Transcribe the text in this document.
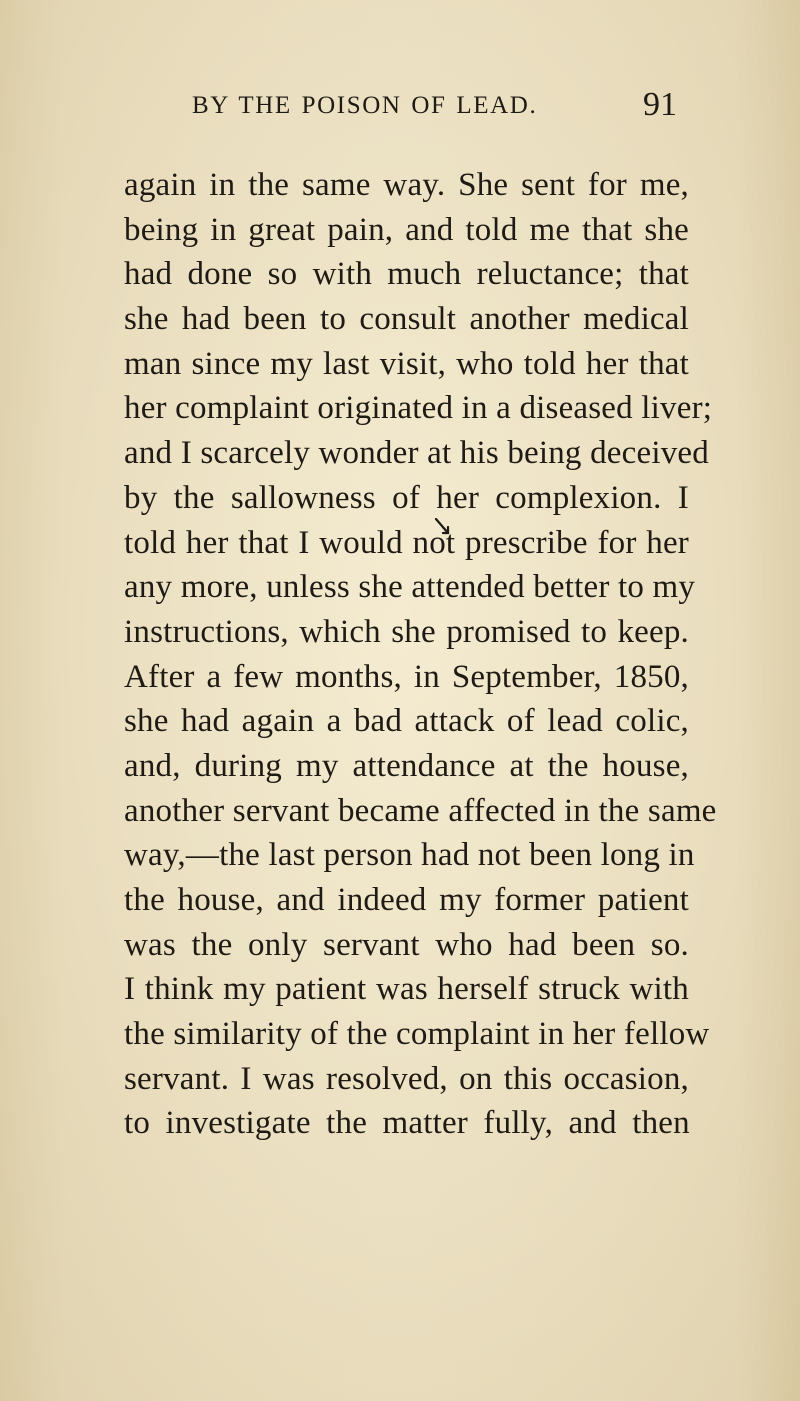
BY THE POISON OF LEAD.	91
again in the same way. She sent for me,
being in great pain, and told me that she
had done so with much reluctance; that
she had been to consult another medical
man since my last visit, who told her that
her complaint originated in a diseased liver;
and I scarcely wonder at his being deceived
by the sallowness of her complexion. I
told her that I would not prescribe for her
any more, unless she attended better to my
instructions, which she promised to keep.
After a few months, in September, 1850,
she had again a bad attack of lead colic,
and, during my attendance at the house,
another servant became affected in the same
way,—the last person had not been long in
the house, and indeed my former patient
was the only servant who had been so.
I think my patient was herself struck with
the similarity of the complaint in her fellow
servant. I was resolved, on this occasion,
to investigate the matter fully, and then
